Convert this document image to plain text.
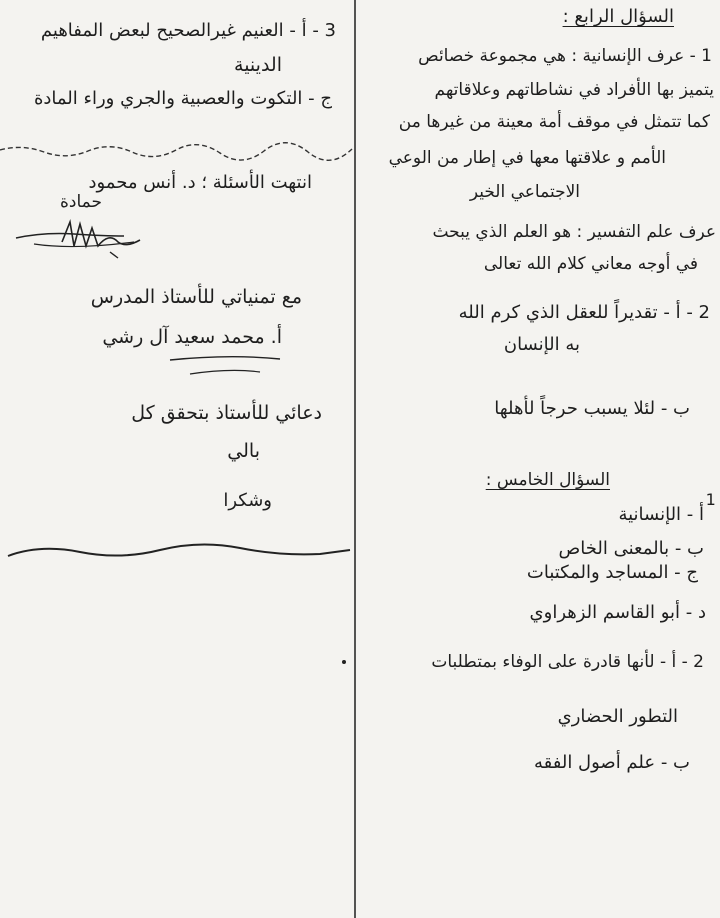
3 - أ - العنيم غيرالصحيح لبعض المفاهيم
الدينية
ج - التكوت والعصبية والجري وراء المادة
انتهت الأسئلة ؛ د. أنس محمود
حمادة
مع تمنياتي للأستاذ المدرس
أ. محمد سعيد آل رشي
دعائي للأستاذ بتحقق كل
بالي
وشكرا
السؤال الرابع :
1 - عرف الإنسانية : هي مجموعة خصائص
يتميز بها الأفراد في نشاطاتهم وعلاقاتهم
كما تتمثل في موقف أمة معينة من غيرها من
الأمم و علاقتها معها في إطار من الوعي
الاجتماعي الخير
عرف علم التفسير : هو العلم الذي يبحث
في أوجه معاني كلام الله تعالى
2 - أ - تقديراً للعقل الذي كرم الله
به الإنسان
ب - لئلا يسبب حرجاً لأهلها
السؤال الخامس :
1
أ - الإنسانية
ب - بالمعنى الخاص
ج - المساجد والمكتبات
د - أبو القاسم الزهراوي
2 - أ - لأنها قادرة على الوفاء بمتطلبات
التطور الحضاري
ب - علم أصول الفقه
